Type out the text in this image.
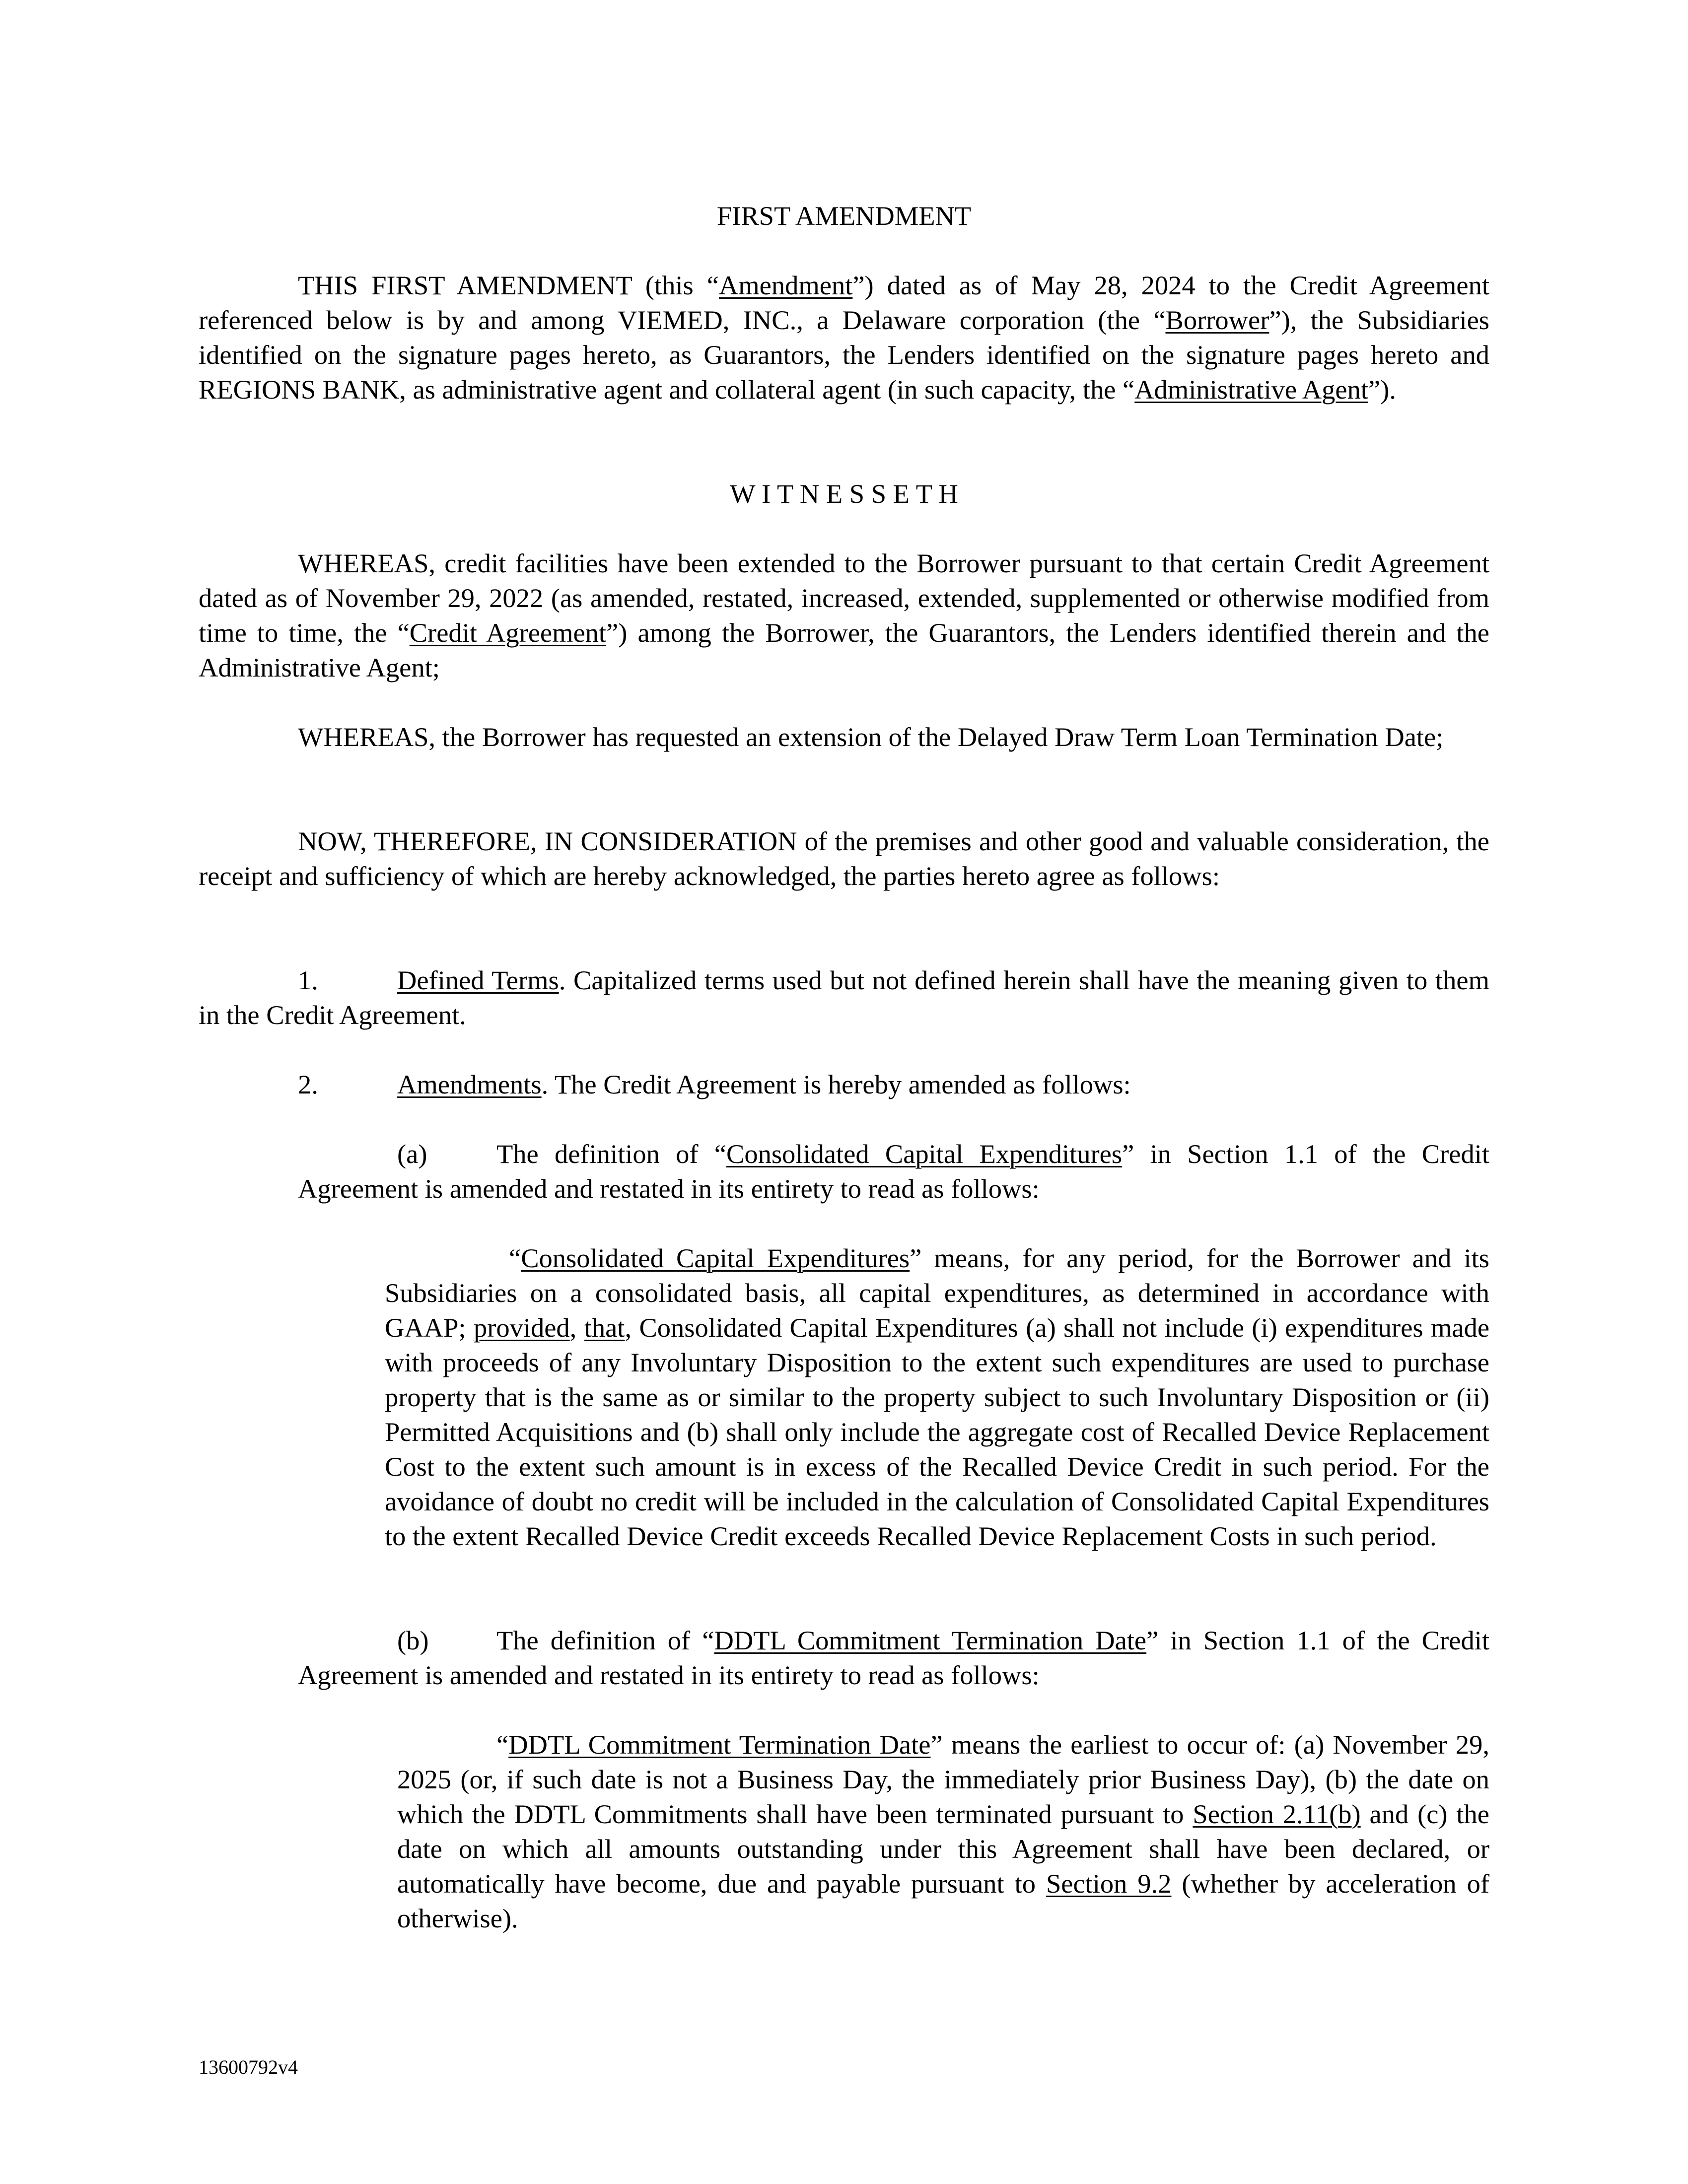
FIRST AMENDMENT

THIS FIRST AMENDMENT (this “Amendment”) dated as of May 28, 2024 to the Credit Agreement referenced below is by and among VIEMED, INC., a Delaware corporation (the “Borrower”), the Subsidiaries identified on the signature pages hereto, as Guarantors, the Lenders identified on the signature pages hereto and REGIONS BANK, as administrative agent and collateral agent (in such capacity, the “Administrative Agent”).

W I T N E S S E T H

WHEREAS, credit facilities have been extended to the Borrower pursuant to that certain Credit Agreement dated as of November 29, 2022 (as amended, restated, increased, extended, supplemented or otherwise modified from time to time, the “Credit Agreement”) among the Borrower, the Guarantors, the Lenders identified therein and the Administrative Agent;

WHEREAS, the Borrower has requested an extension of the Delayed Draw Term Loan Termination Date;

NOW, THEREFORE, IN CONSIDERATION of the premises and other good and valuable consideration, the receipt and sufficiency of which are hereby acknowledged, the parties hereto agree as follows:

1.	Defined Terms. Capitalized terms used but not defined herein shall have the meaning given to them in the Credit Agreement.

2.	Amendments. The Credit Agreement is hereby amended as follows:

(a)	The definition of “Consolidated Capital Expenditures” in Section 1.1 of the Credit Agreement is amended and restated in its entirety to read as follows:

“Consolidated Capital Expenditures” means, for any period, for the Borrower and its Subsidiaries on a consolidated basis, all capital expenditures, as determined in accordance with GAAP; provided, that, Consolidated Capital Expenditures (a) shall not include (i) expenditures made with proceeds of any Involuntary Disposition to the extent such expenditures are used to purchase property that is the same as or similar to the property subject to such Involuntary Disposition or (ii) Permitted Acquisitions and (b) shall only include the aggregate cost of Recalled Device Replacement Cost to the extent such amount is in excess of the Recalled Device Credit in such period. For the avoidance of doubt no credit will be included in the calculation of Consolidated Capital Expenditures to the extent Recalled Device Credit exceeds Recalled Device Replacement Costs in such period.

(b)	The definition of “DDTL Commitment Termination Date” in Section 1.1 of the Credit Agreement is amended and restated in its entirety to read as follows:

“DDTL Commitment Termination Date” means the earliest to occur of: (a) November 29, 2025 (or, if such date is not a Business Day, the immediately prior Business Day), (b) the date on which the DDTL Commitments shall have been terminated pursuant to Section 2.11(b) and (c) the date on which all amounts outstanding under this Agreement shall have been declared, or automatically have become, due and payable pursuant to Section 9.2 (whether by acceleration of otherwise).

13600792v4
